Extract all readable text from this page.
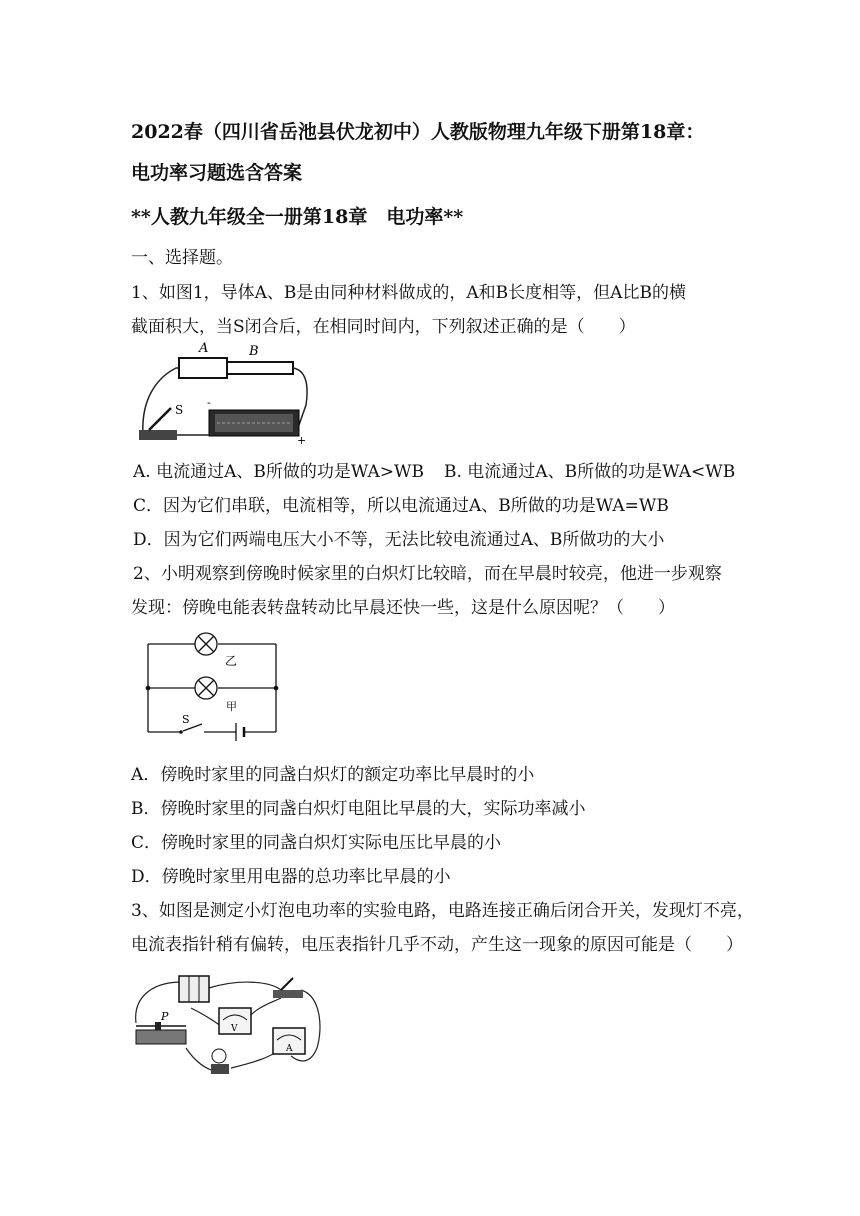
2022春（四川省岳池县伏龙初中）人教版物理九年级下册第18章：
电功率习题选含答案
**人教九年级全一册第18章　电功率**
一、选择题。
1、如图1，导体A、B是由同种材料做成的，A和B长度相等，但A比B的横
截面积大，当S闭合后，在相同时间内，下列叙述正确的是（　　）
A	B
S
+
-
A. 电流通过A、B所做的功是WA>WB B. 电流通过A、B所做的功是WA<WB
C．因为它们串联，电流相等，所以电流通过A、B所做的功是WA=WB
D．因为它们两端电压大小不等，无法比较电流通过A、B所做功的大小
2、小明观察到傍晚时候家里的白炽灯比较暗，而在早晨时较亮，他进一步观察
发现：傍晚电能表转盘转动比早晨还快一些，这是什么原因呢？（　　）
乙
甲
S
A．傍晚时家里的同盏白炽灯的额定功率比早晨时的小
B．傍晚时家里的同盏白炽灯电阻比早晨的大，实际功率减小
C．傍晚时家里的同盏白炽灯实际电压比早晨的小
D．傍晚时家里用电器的总功率比早晨的小
3、如图是测定小灯泡电功率的实验电路，电路连接正确后闭合开关，发现灯不亮，
电流表指针稍有偏转，电压表指针几乎不动，产生这一现象的原因可能是（　　）
P
V
A
